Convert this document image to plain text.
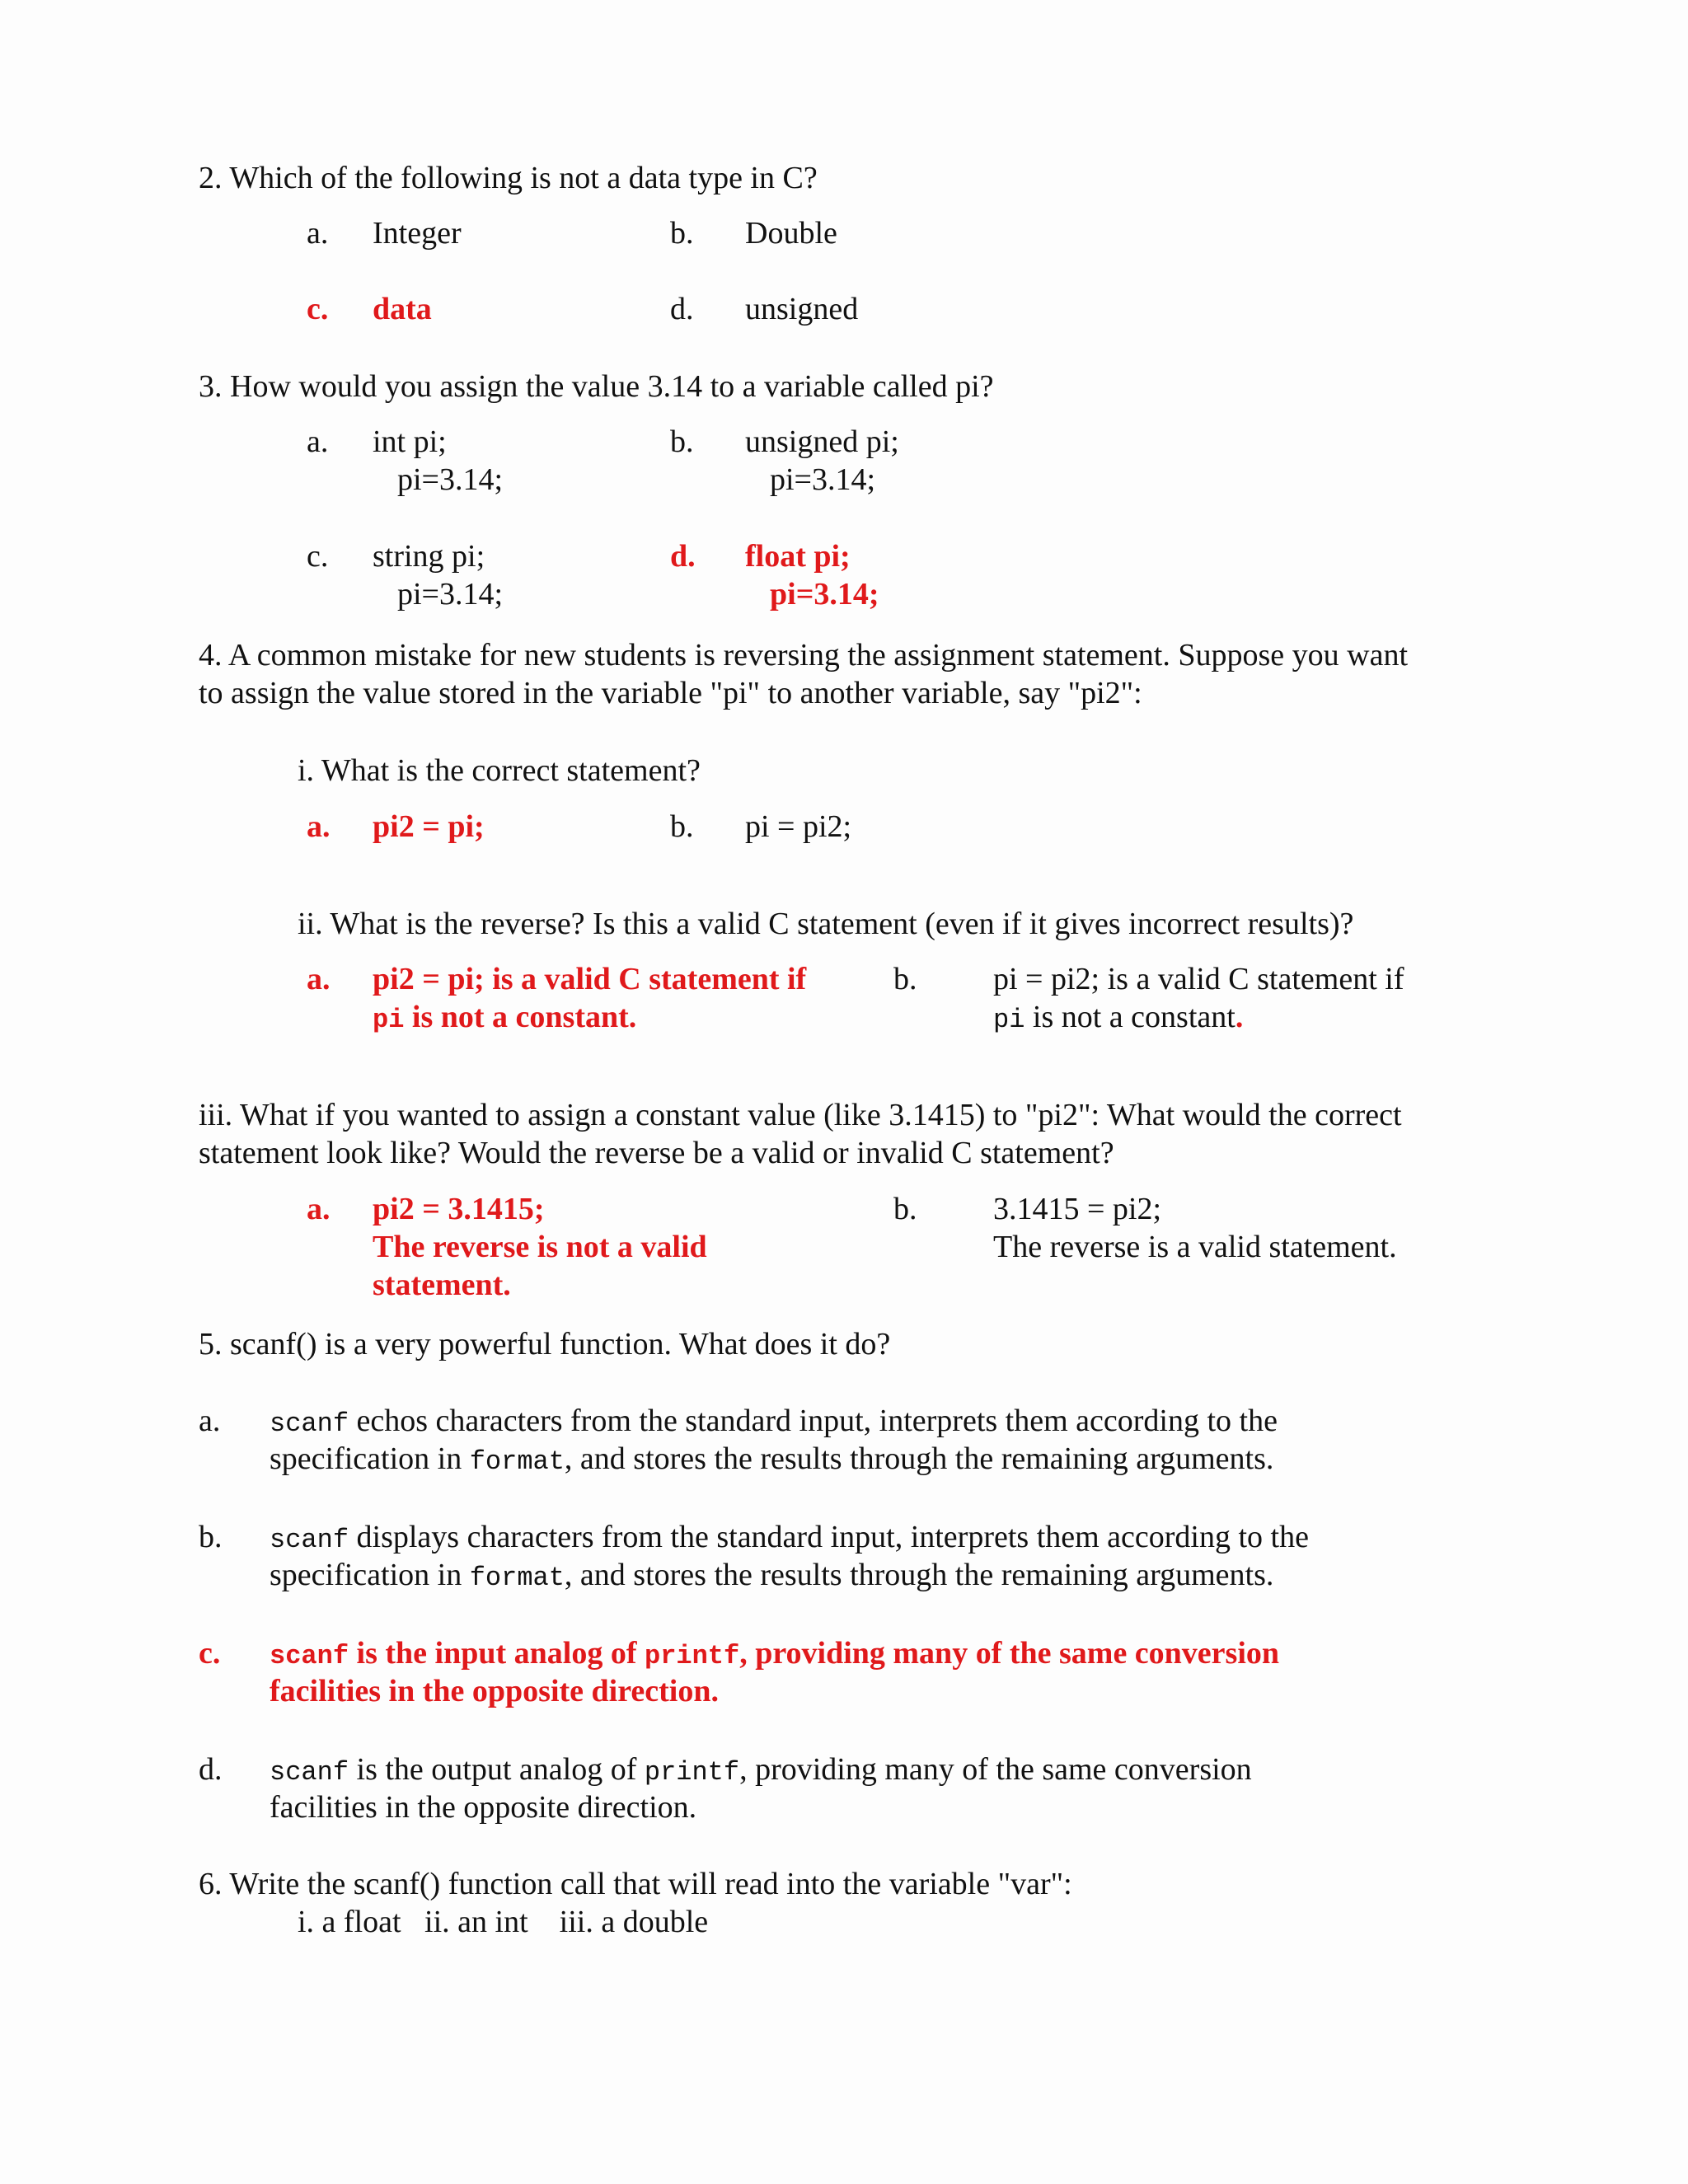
2. Which of the following is not a data type in C?
a. Integer	b. Double
c. data	d. unsigned
3. How would you assign the value 3.14 to a variable called pi?
a. int pi;
pi=3.14;
b. unsigned pi;
pi=3.14;
c. string pi;
pi=3.14;
d. float pi;
pi=3.14;
4. A common mistake for new students is reversing the assignment statement. Suppose you want
to assign the value stored in the variable "pi" to another variable, say "pi2":
i. What is the correct statement?
a. pi2 = pi;	b. pi = pi2;
ii. What is the reverse? Is this a valid C statement (even if it gives incorrect results)?
a. pi2 = pi; is a valid C statement if
pi is not a constant.
b. pi = pi2; is a valid C statement if
pi is not a constant.
iii. What if you wanted to assign a constant value (like 3.1415) to "pi2": What would the correct
statement look like? Would the reverse be a valid or invalid C statement?
a. pi2 = 3.1415;
The reverse is not a valid
statement.
b. 3.1415 = pi2;
The reverse is a valid statement.
5. scanf() is a very powerful function. What does it do?
a. scanf echos characters from the standard input, interprets them according to the
specification in format, and stores the results through the remaining arguments.
b. scanf displays characters from the standard input, interprets them according to the
specification in format, and stores the results through the remaining arguments.
c. scanf is the input analog of printf, providing many of the same conversion
facilities in the opposite direction.
d. scanf is the output analog of printf, providing many of the same conversion
facilities in the opposite direction.
6. Write the scanf() function call that will read into the variable "var":
i. a float   ii. an int    iii. a double
